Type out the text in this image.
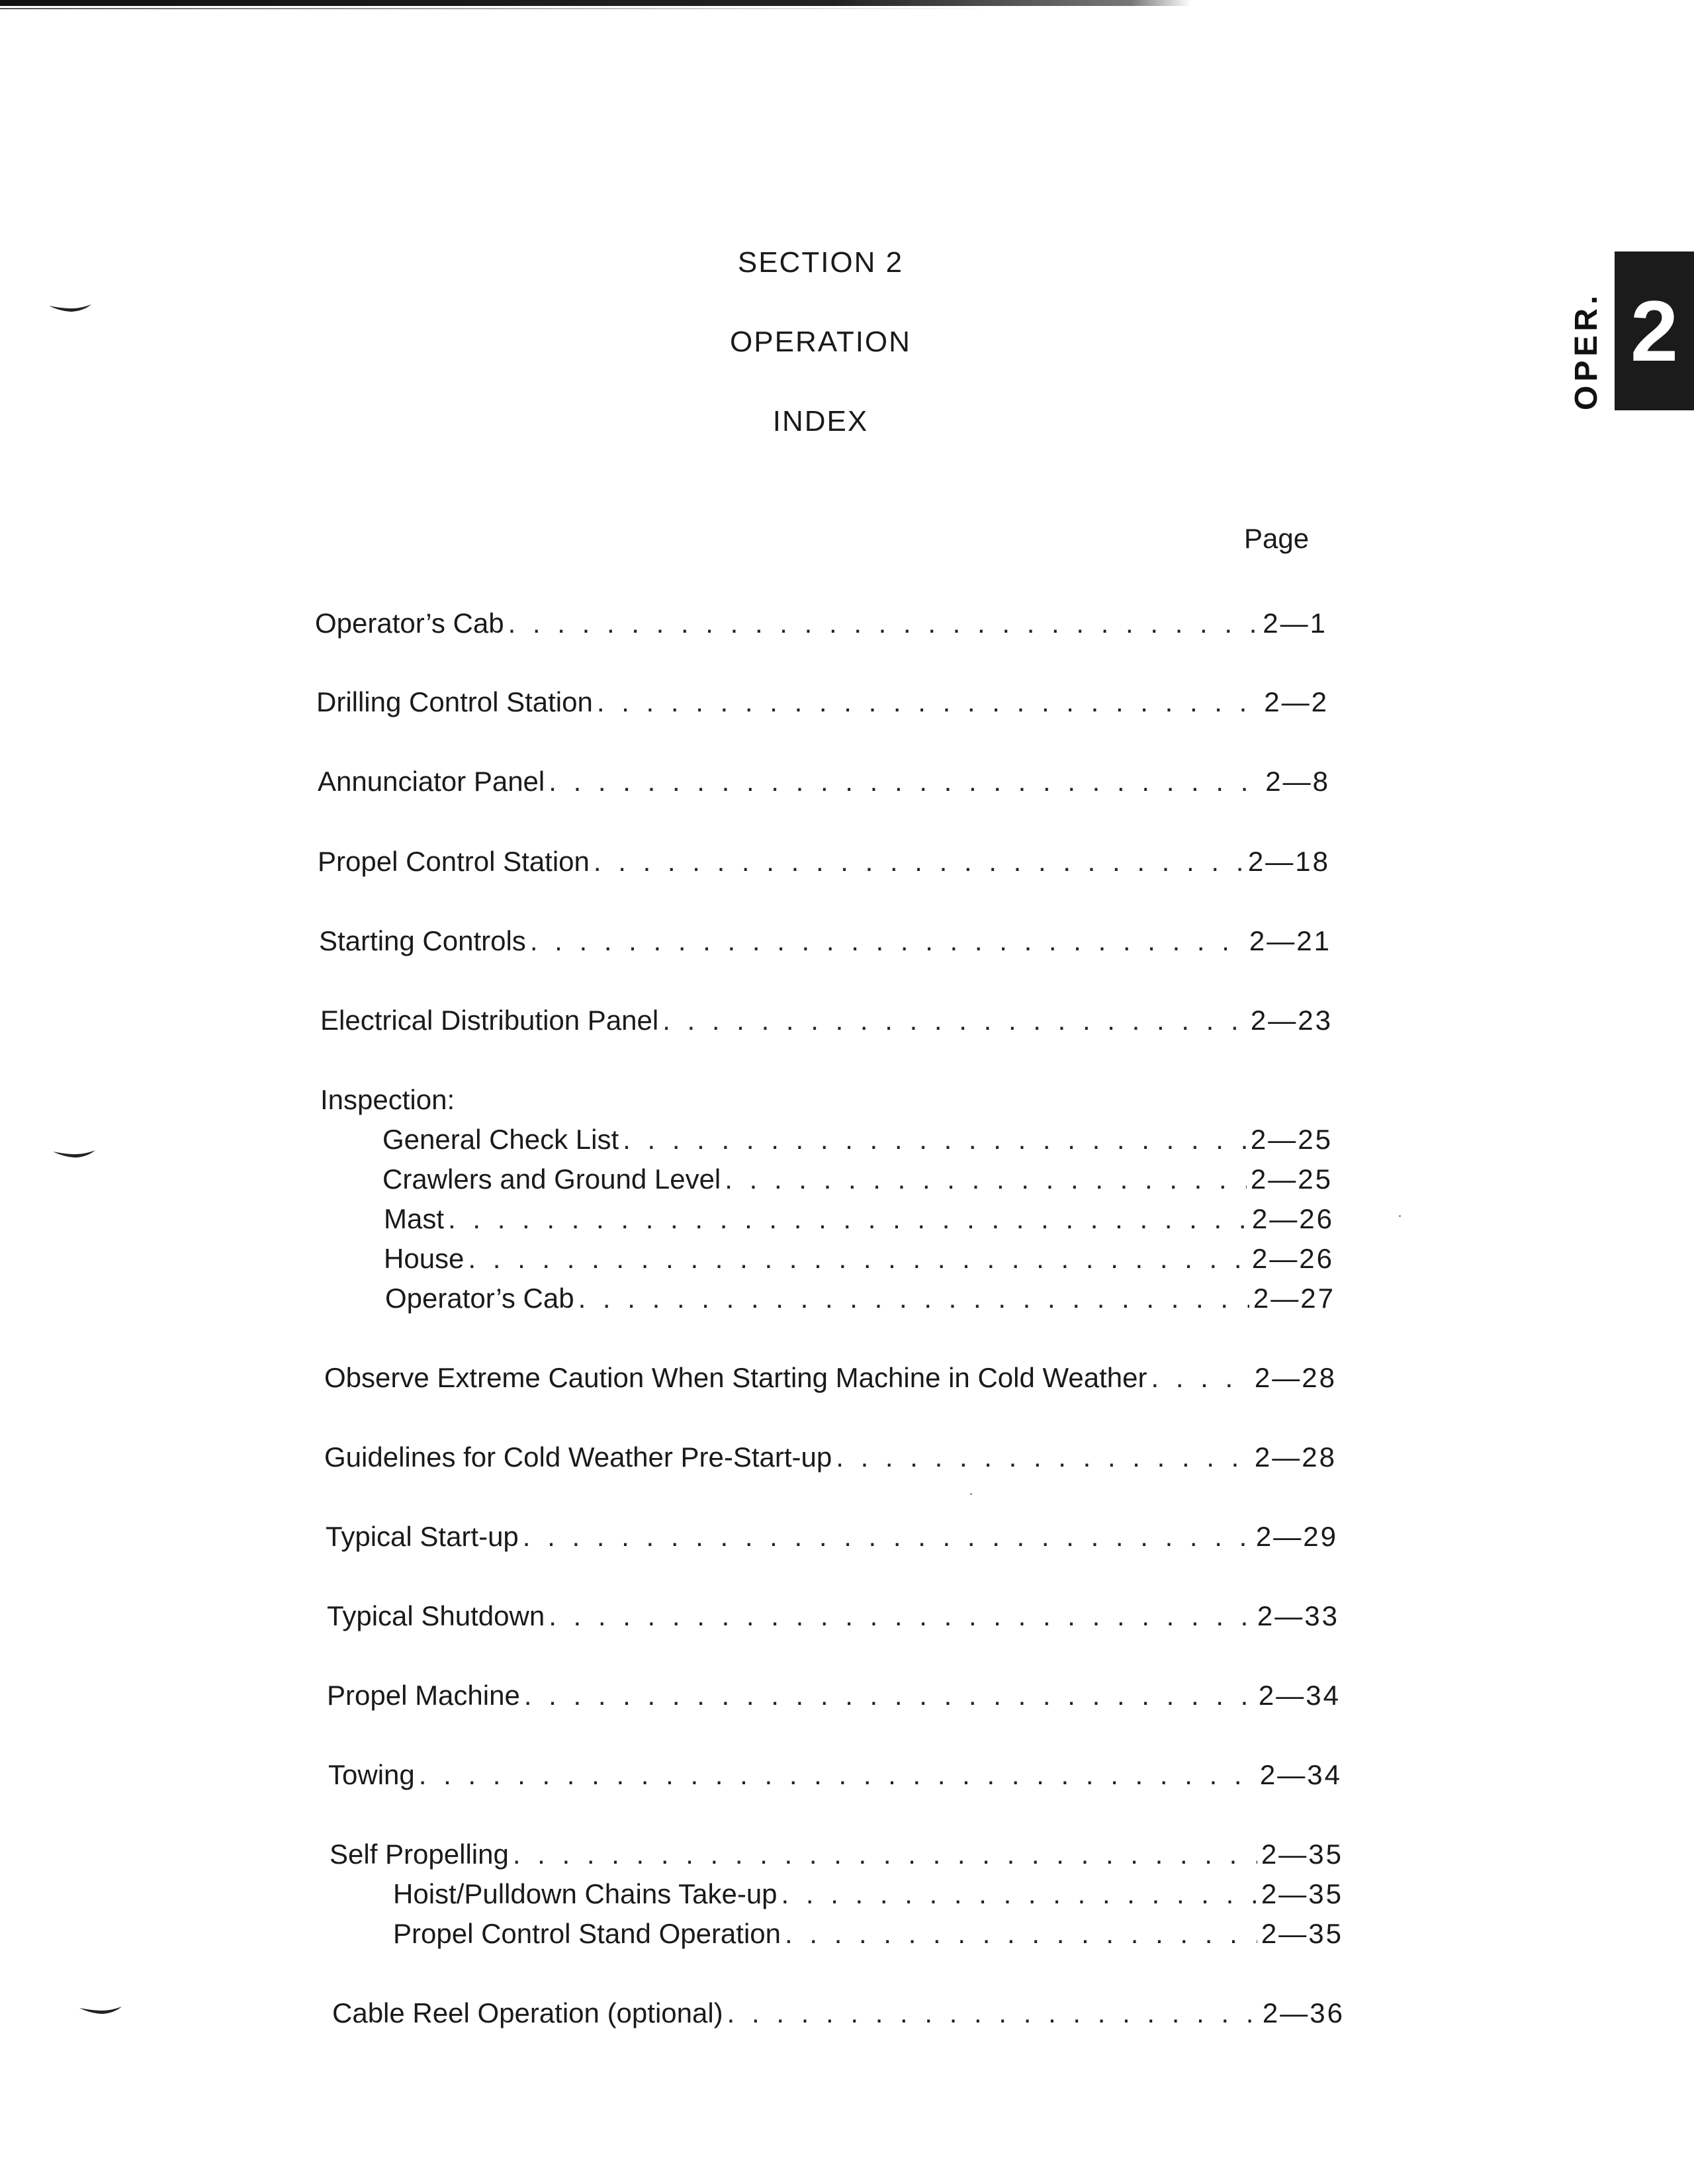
OPER. 2
SECTION 2
OPERATION
INDEX
Page
Operator’s Cab . . .	2—1
Drilling Control Station . . .	2—2
Annunciator Panel . . .	2—8
Propel Control Station . . .	2—18
Starting Controls . . .	2—21
Electrical Distribution Panel . . .	2—23
Inspection:
General Check List . . .	2—25
Crawlers and Ground Level . . .	2—25
Mast . . .	2—26
House . . .	2—26
Operator’s Cab . . .	2—27
Observe Extreme Caution When Starting Machine in Cold Weather . . .	2—28
Guidelines for Cold Weather Pre-Start-up . . .	2—28
Typical Start-up . . .	2—29
Typical Shutdown . . .	2—33
Propel Machine . . .	2—34
Towing . . .	2—34
Self Propelling . . .	2—35
Hoist/Pulldown Chains Take-up . . .	2—35
Propel Control Stand Operation . . .	2—35
Cable Reel Operation (optional) . . .	2—36
